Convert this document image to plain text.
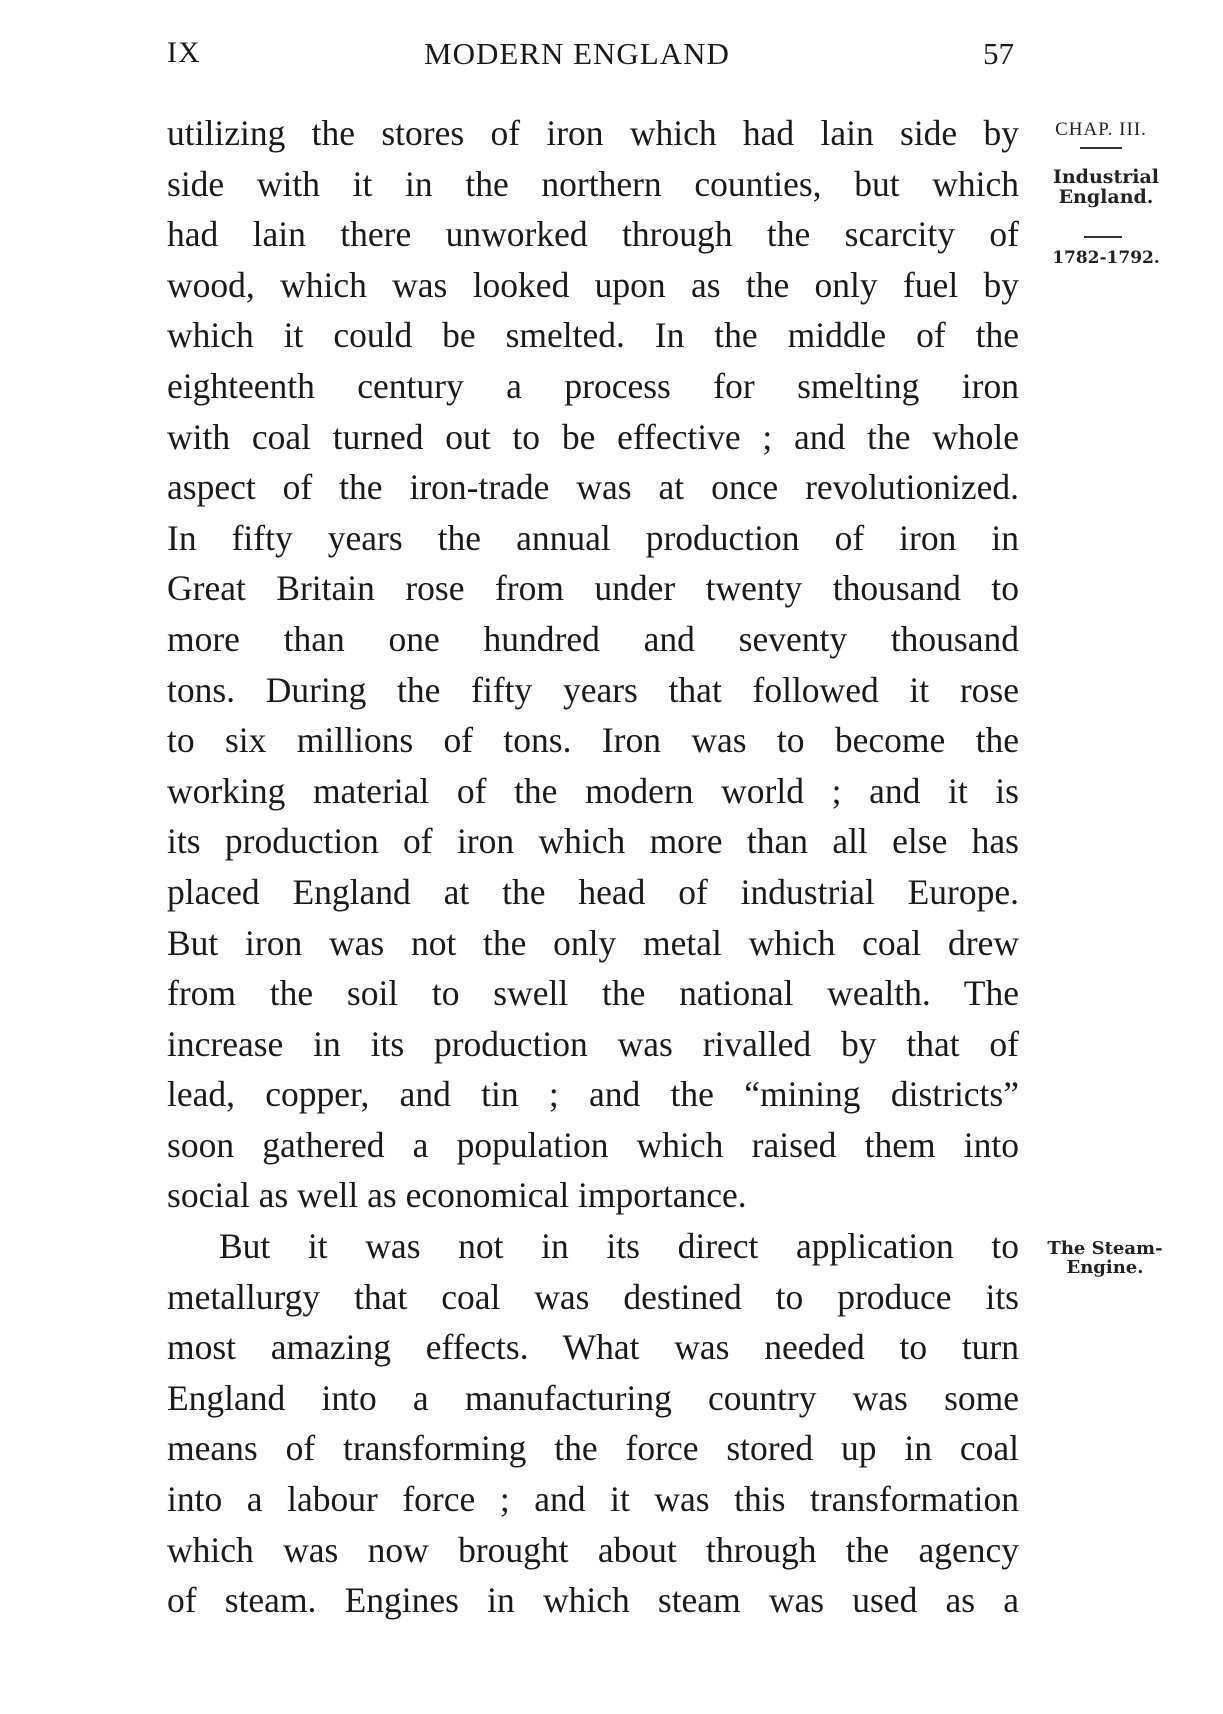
IX	MODERN ENGLAND	57
CHAP. III.
Industrial
England.
1782-1792.
The Steam-
Engine.
utilizing the stores of iron which had lain side by
side with it in the northern counties, but which
had lain there unworked through the scarcity of
wood, which was looked upon as the only fuel by
which it could be smelted. In the middle of the
eighteenth century a process for smelting iron
with coal turned out to be effective ; and the whole
aspect of the iron-trade was at once revolutionized.
In fifty years the annual production of iron in
Great Britain rose from under twenty thousand to
more than one hundred and seventy thousand
tons. During the fifty years that followed it rose
to six millions of tons. Iron was to become the
working material of the modern world ; and it is
its production of iron which more than all else has
placed England at the head of industrial Europe.
But iron was not the only metal which coal drew
from the soil to swell the national wealth. The
increase in its production was rivalled by that of
lead, copper, and tin ; and the “mining districts”
soon gathered a population which raised them into
social as well as economical importance.
But it was not in its direct application to
metallurgy that coal was destined to produce its
most amazing effects. What was needed to turn
England into a manufacturing country was some
means of transforming the force stored up in coal
into a labour force ; and it was this transformation
which was now brought about through the agency
of steam. Engines in which steam was used as a
